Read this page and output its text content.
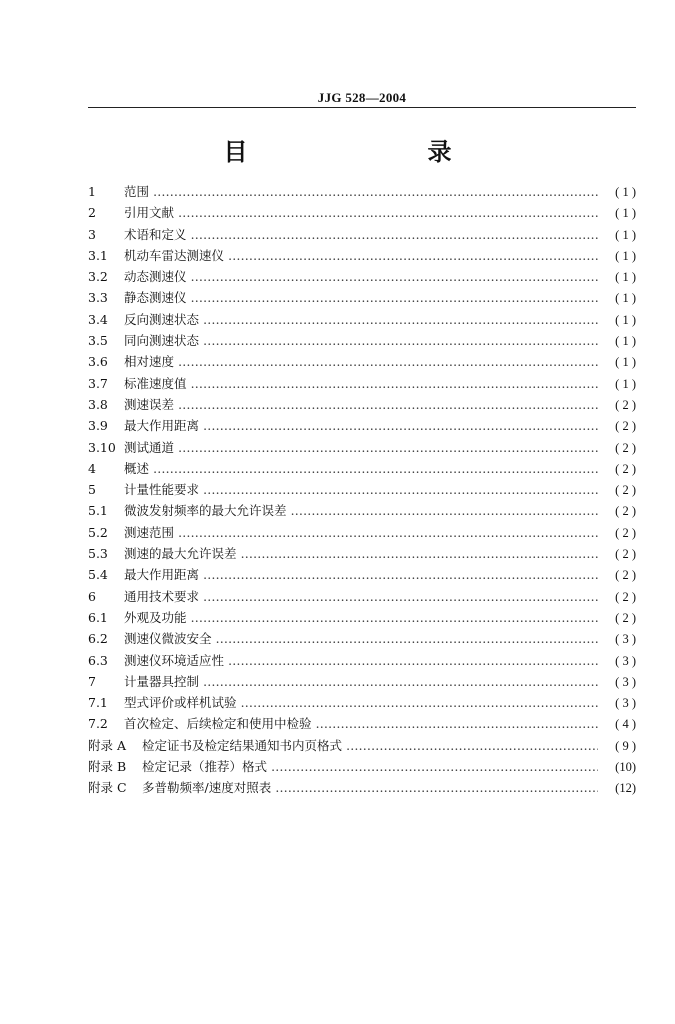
JJG 528—2004
目　　录
1	范围 …………………………………………………………………………………………………………………………………………………………………………………………	( 1 )
2	引用文献 …………………………………………………………………………………………………………………………………………………………………………………………	( 1 )
3	术语和定义 …………………………………………………………………………………………………………………………………………………………………………………………	( 1 )
3.1	机动车雷达测速仪 …………………………………………………………………………………………………………………………………………………………………………………………	( 1 )
3.2	动态测速仪 …………………………………………………………………………………………………………………………………………………………………………………………	( 1 )
3.3	静态测速仪 …………………………………………………………………………………………………………………………………………………………………………………………	( 1 )
3.4	反向测速状态 …………………………………………………………………………………………………………………………………………………………………………………………	( 1 )
3.5	同向测速状态 …………………………………………………………………………………………………………………………………………………………………………………………	( 1 )
3.6	相对速度 …………………………………………………………………………………………………………………………………………………………………………………………	( 1 )
3.7	标准速度值 …………………………………………………………………………………………………………………………………………………………………………………………	( 1 )
3.8	测速误差 …………………………………………………………………………………………………………………………………………………………………………………………	( 2 )
3.9	最大作用距离 …………………………………………………………………………………………………………………………………………………………………………………………	( 2 )
3.10 测试通道 …………………………………………………………………………………………………………………………………………………………………………………………	( 2 )
4	概述 …………………………………………………………………………………………………………………………………………………………………………………………	( 2 )
5	计量性能要求 …………………………………………………………………………………………………………………………………………………………………………………………	( 2 )
5.1	微波发射频率的最大允许误差 …………………………………………………………………………………………………………………………………………………………………………………………	( 2 )
5.2	测速范围 …………………………………………………………………………………………………………………………………………………………………………………………	( 2 )
5.3	测速的最大允许误差 …………………………………………………………………………………………………………………………………………………………………………………………	( 2 )
5.4	最大作用距离 …………………………………………………………………………………………………………………………………………………………………………………………	( 2 )
6	通用技术要求 …………………………………………………………………………………………………………………………………………………………………………………………	( 2 )
6.1	外观及功能 …………………………………………………………………………………………………………………………………………………………………………………………	( 2 )
6.2	测速仪微波安全 …………………………………………………………………………………………………………………………………………………………………………………………	( 3 )
6.3	测速仪环境适应性 …………………………………………………………………………………………………………………………………………………………………………………………	( 3 )
7	计量器具控制 …………………………………………………………………………………………………………………………………………………………………………………………	( 3 )
7.1	型式评价或样机试验 …………………………………………………………………………………………………………………………………………………………………………………………	( 3 )
7.2	首次检定、后续检定和使用中检验 …………………………………………………………………………………………………………………………………………………………………………………………	( 4 )
附录 A	检定证书及检定结果通知书内页格式 …………………………………………………………………………………………………………………………………………………………………………………………	( 9 )
附录 B	检定记录（推荐）格式 …………………………………………………………………………………………………………………………………………………………………………………………	(10)
附录 C	多普勒频率/速度对照表 …………………………………………………………………………………………………………………………………………………………………………………………	(12)
